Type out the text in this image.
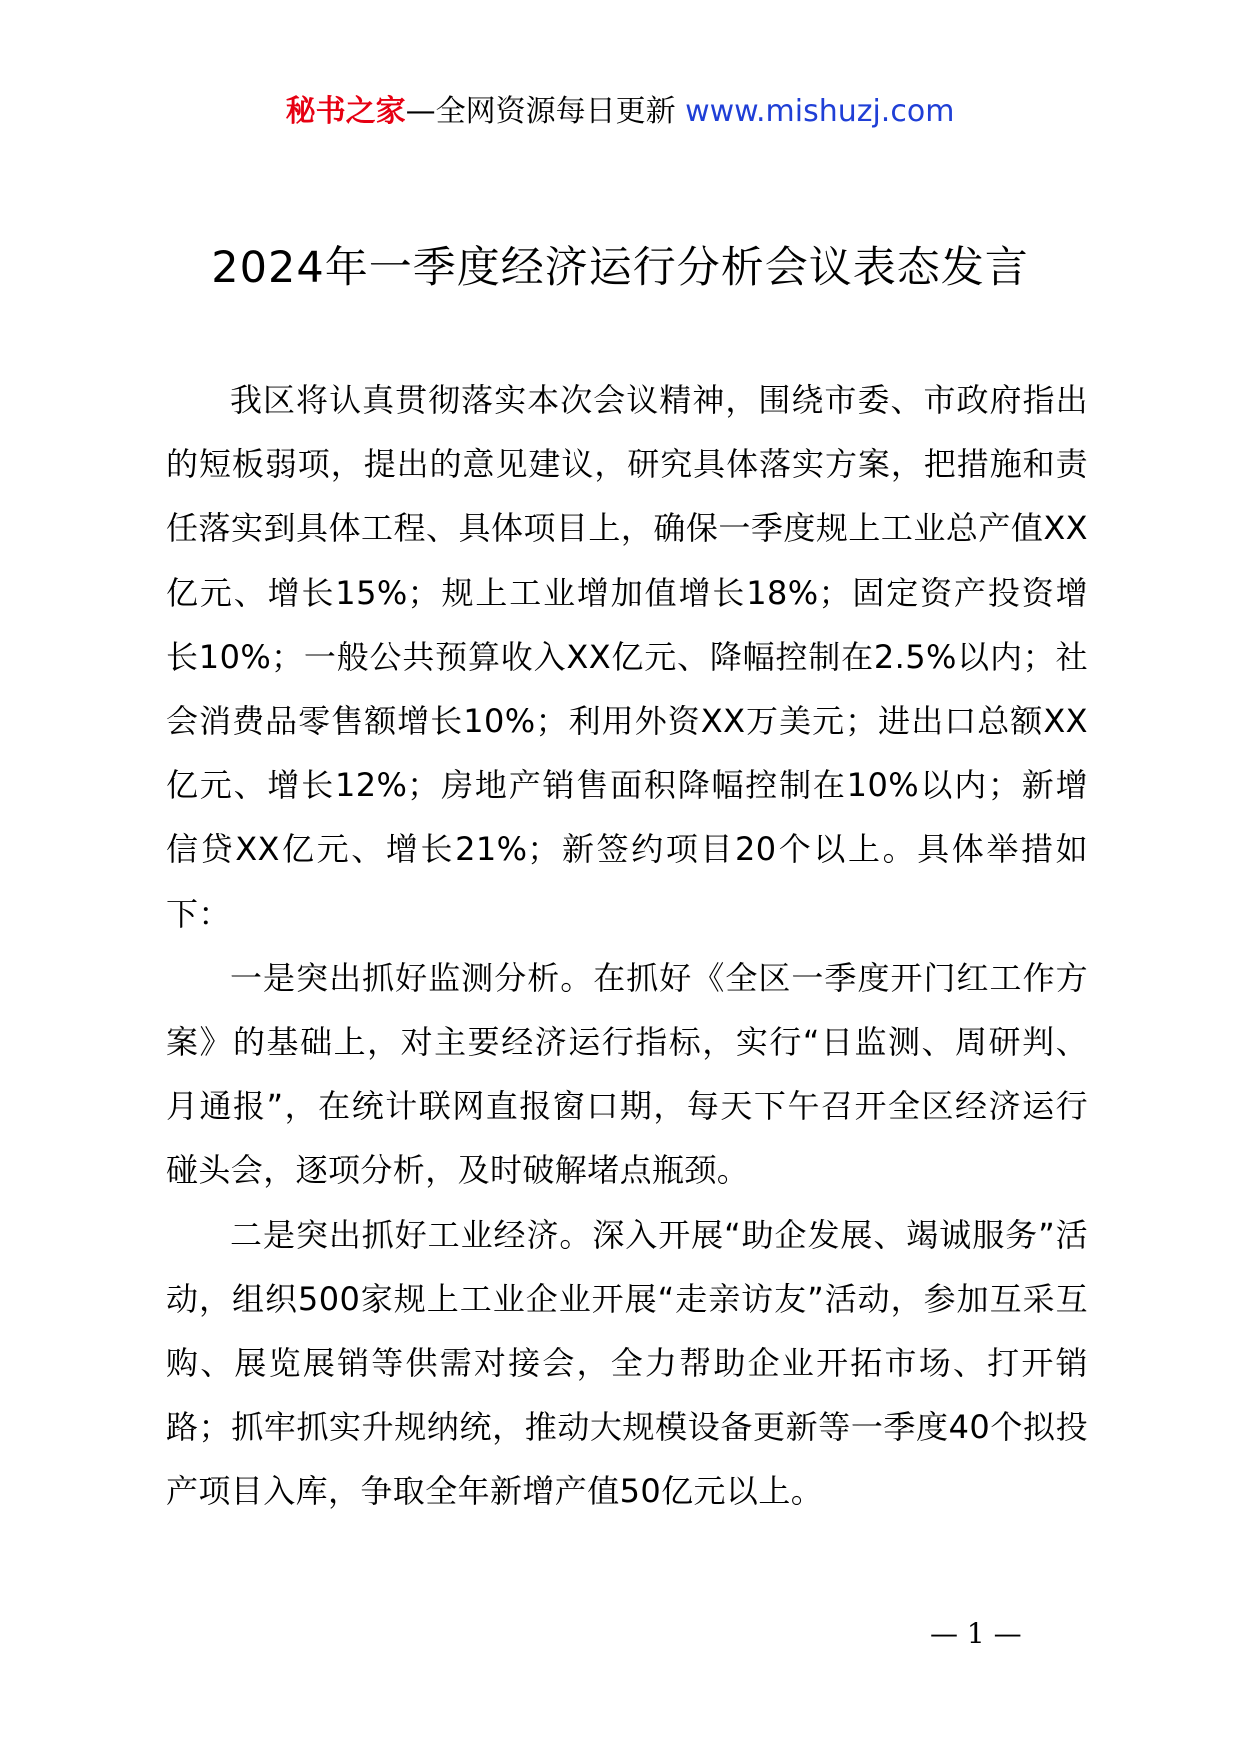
秘书之家—全网资源每日更新 www.mishuzj.com
2024年一季度经济运行分析会议表态发言

我区将认真贯彻落实本次会议精神，围绕市委、市政府指出的短板弱项，提出的意见建议，研究具体落实方案，把措施和责任落实到具体工程、具体项目上，确保一季度规上工业总产值XX亿元、增长15%；规上工业增加值增长18%；固定资产投资增长10%；一般公共预算收入XX亿元、降幅控制在2.5%以内；社会消费品零售额增长10%；利用外资XX万美元；进出口总额XX亿元、增长12%；房地产销售面积降幅控制在10%以内；新增信贷XX亿元、增长21%；新签约项目20个以上。具体举措如下：

一是突出抓好监测分析。在抓好《全区一季度开门红工作方案》的基础上，对主要经济运行指标，实行“日监测、周研判、月通报”，在统计联网直报窗口期，每天下午召开全区经济运行碰头会，逐项分析，及时破解堵点瓶颈。

二是突出抓好工业经济。深入开展“助企发展、竭诚服务”活动，组织500家规上工业企业开展“走亲访友”活动，参加互采互购、展览展销等供需对接会，全力帮助企业开拓市场、打开销路；抓牢抓实升规纳统，推动大规模设备更新等一季度40个拟投产项目入库，争取全年新增产值50亿元以上。

— 1 —
